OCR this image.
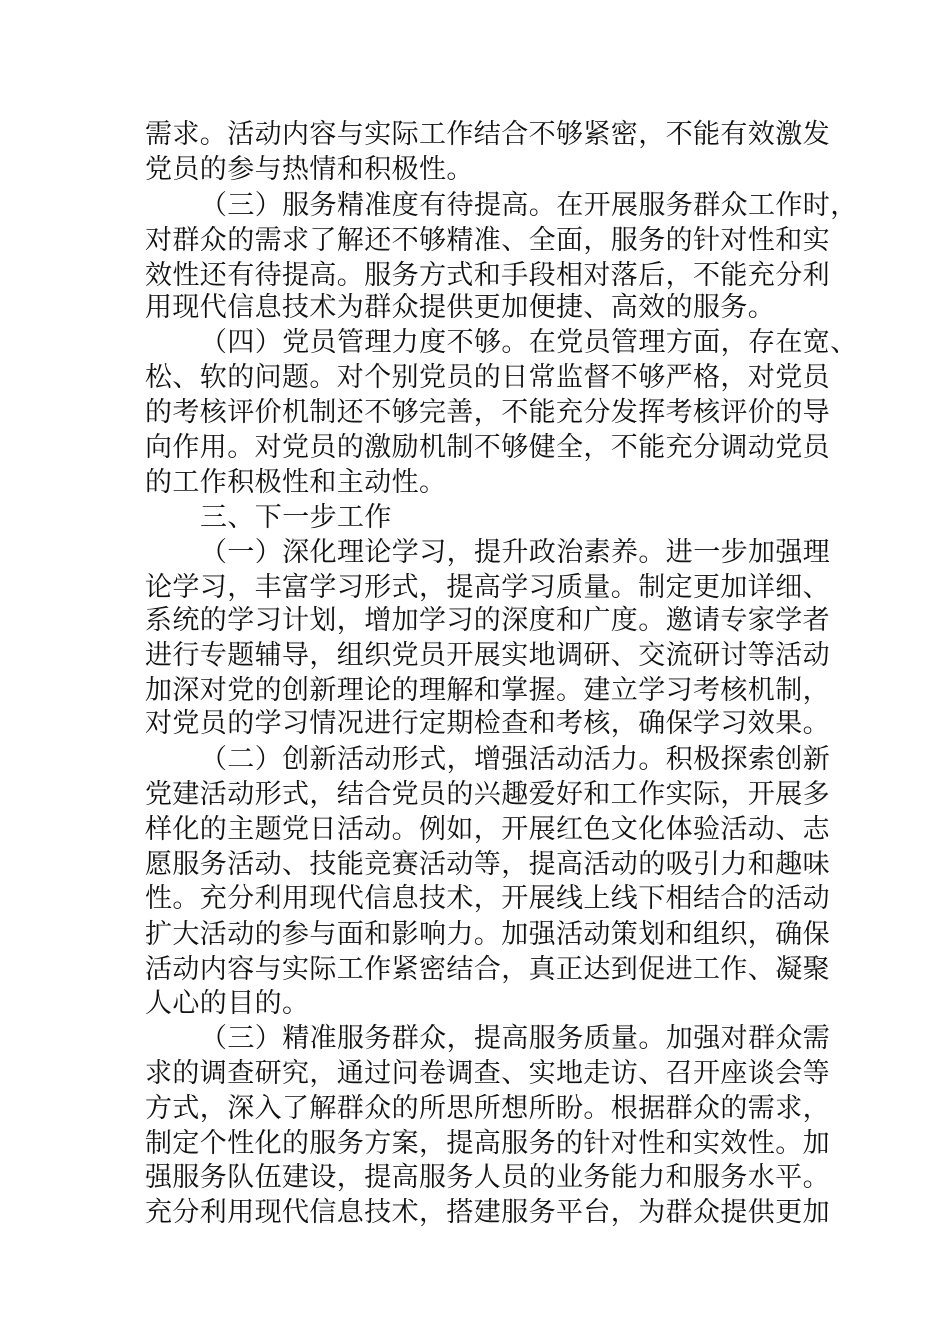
需求。活动内容与实际工作结合不够紧密，不能有效激发
党员的参与热情和积极性。
（三）服务精准度有待提高。在开展服务群众工作时，
对群众的需求了解还不够精准、全面，服务的针对性和实
效性还有待提高。服务方式和手段相对落后，不能充分利
用现代信息技术为群众提供更加便捷、高效的服务。
（四）党员管理力度不够。在党员管理方面，存在宽、
松、软的问题。对个别党员的日常监督不够严格，对党员
的考核评价机制还不够完善，不能充分发挥考核评价的导
向作用。对党员的激励机制不够健全，不能充分调动党员
的工作积极性和主动性。
三、下一步工作
（一）深化理论学习，提升政治素养。进一步加强理
论学习，丰富学习形式，提高学习质量。制定更加详细、
系统的学习计划，增加学习的深度和广度。邀请专家学者
进行专题辅导，组织党员开展实地调研、交流研讨等活动
加深对党的创新理论的理解和掌握。建立学习考核机制，
对党员的学习情况进行定期检查和考核，确保学习效果。
（二）创新活动形式，增强活动活力。积极探索创新
党建活动形式，结合党员的兴趣爱好和工作实际，开展多
样化的主题党日活动。例如，开展红色文化体验活动、志
愿服务活动、技能竞赛活动等，提高活动的吸引力和趣味
性。充分利用现代信息技术，开展线上线下相结合的活动
扩大活动的参与面和影响力。加强活动策划和组织，确保
活动内容与实际工作紧密结合，真正达到促进工作、凝聚
人心的目的。
（三）精准服务群众，提高服务质量。加强对群众需
求的调查研究，通过问卷调查、实地走访、召开座谈会等
方式，深入了解群众的所思所想所盼。根据群众的需求，
制定个性化的服务方案，提高服务的针对性和实效性。加
强服务队伍建设，提高服务人员的业务能力和服务水平。
充分利用现代信息技术，搭建服务平台，为群众提供更加
